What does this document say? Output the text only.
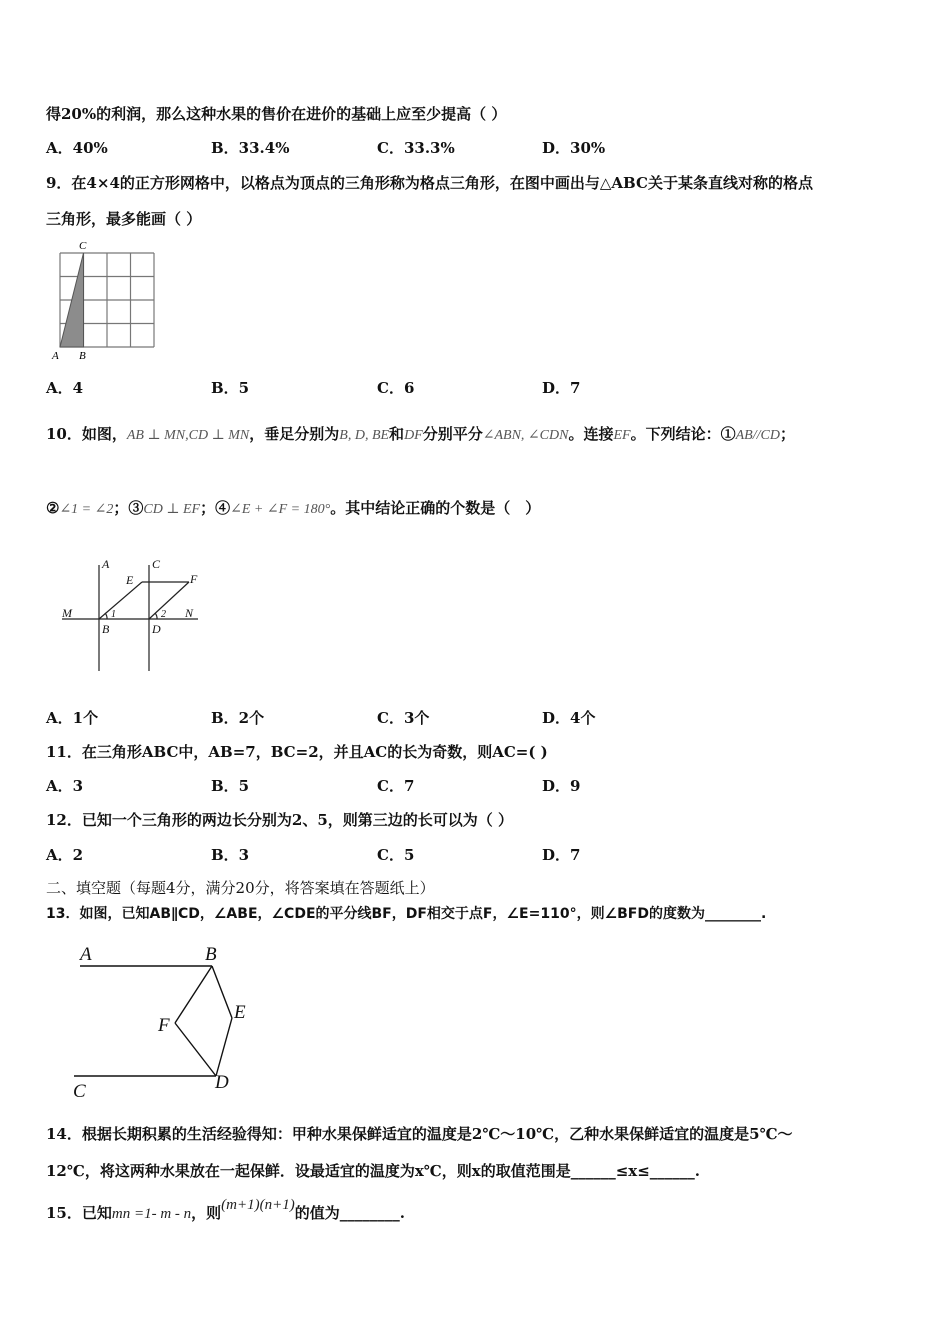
得20%的利润，那么这种水果的售价在进价的基础上应至少提高（ ）
A．40%	B．33.4%	C．33.3%	D．30%
9．在4×4的正方形网格中，以格点为顶点的三角形称为格点三角形，在图中画出与△ABC关于某条直线对称的格点
三角形，最多能画（ ）
C
A B
A．4	B．5	C．6	D．7
10．如图，AB ⊥ MN,CD ⊥ MN，垂足分别为B, D, BE和DF分别平分∠ABN, ∠CDN。连接EF。下列结论：①AB//CD；
②∠1 = ∠2；③CD ⊥ EF；④∠E + ∠F = 180°。其中结论正确的个数是（　）
A	C
E	F
M	N
B	D
1	2
A．1个	B．2个	C．3个	D．4个
11．在三角形ABC中，AB=7，BC=2，并且AC的长为奇数，则AC=( )
A．3	B．5	C．7	D．9
12．已知一个三角形的两边长分别为2、5，则第三边的长可以为（ ）
A．2	B．3	C．5	D．7
二、填空题（每题4分，满分20分，将答案填在答题纸上）
13．如图，已知AB∥CD，∠ABE，∠CDE的平分线BF，DF相交于点F，∠E=110°，则∠BFD的度数为________.
A	B
E
F
C	D
14．根据长期积累的生活经验得知：甲种水果保鲜适宜的温度是2℃～10℃，乙种水果保鲜适宜的温度是5℃～
12℃，将这两种水果放在一起保鲜．设最适宜的温度为x℃，则x的取值范围是______≤x≤______.
15．已知mn =1- m - n，则(m+1)(n+1)的值为________.
